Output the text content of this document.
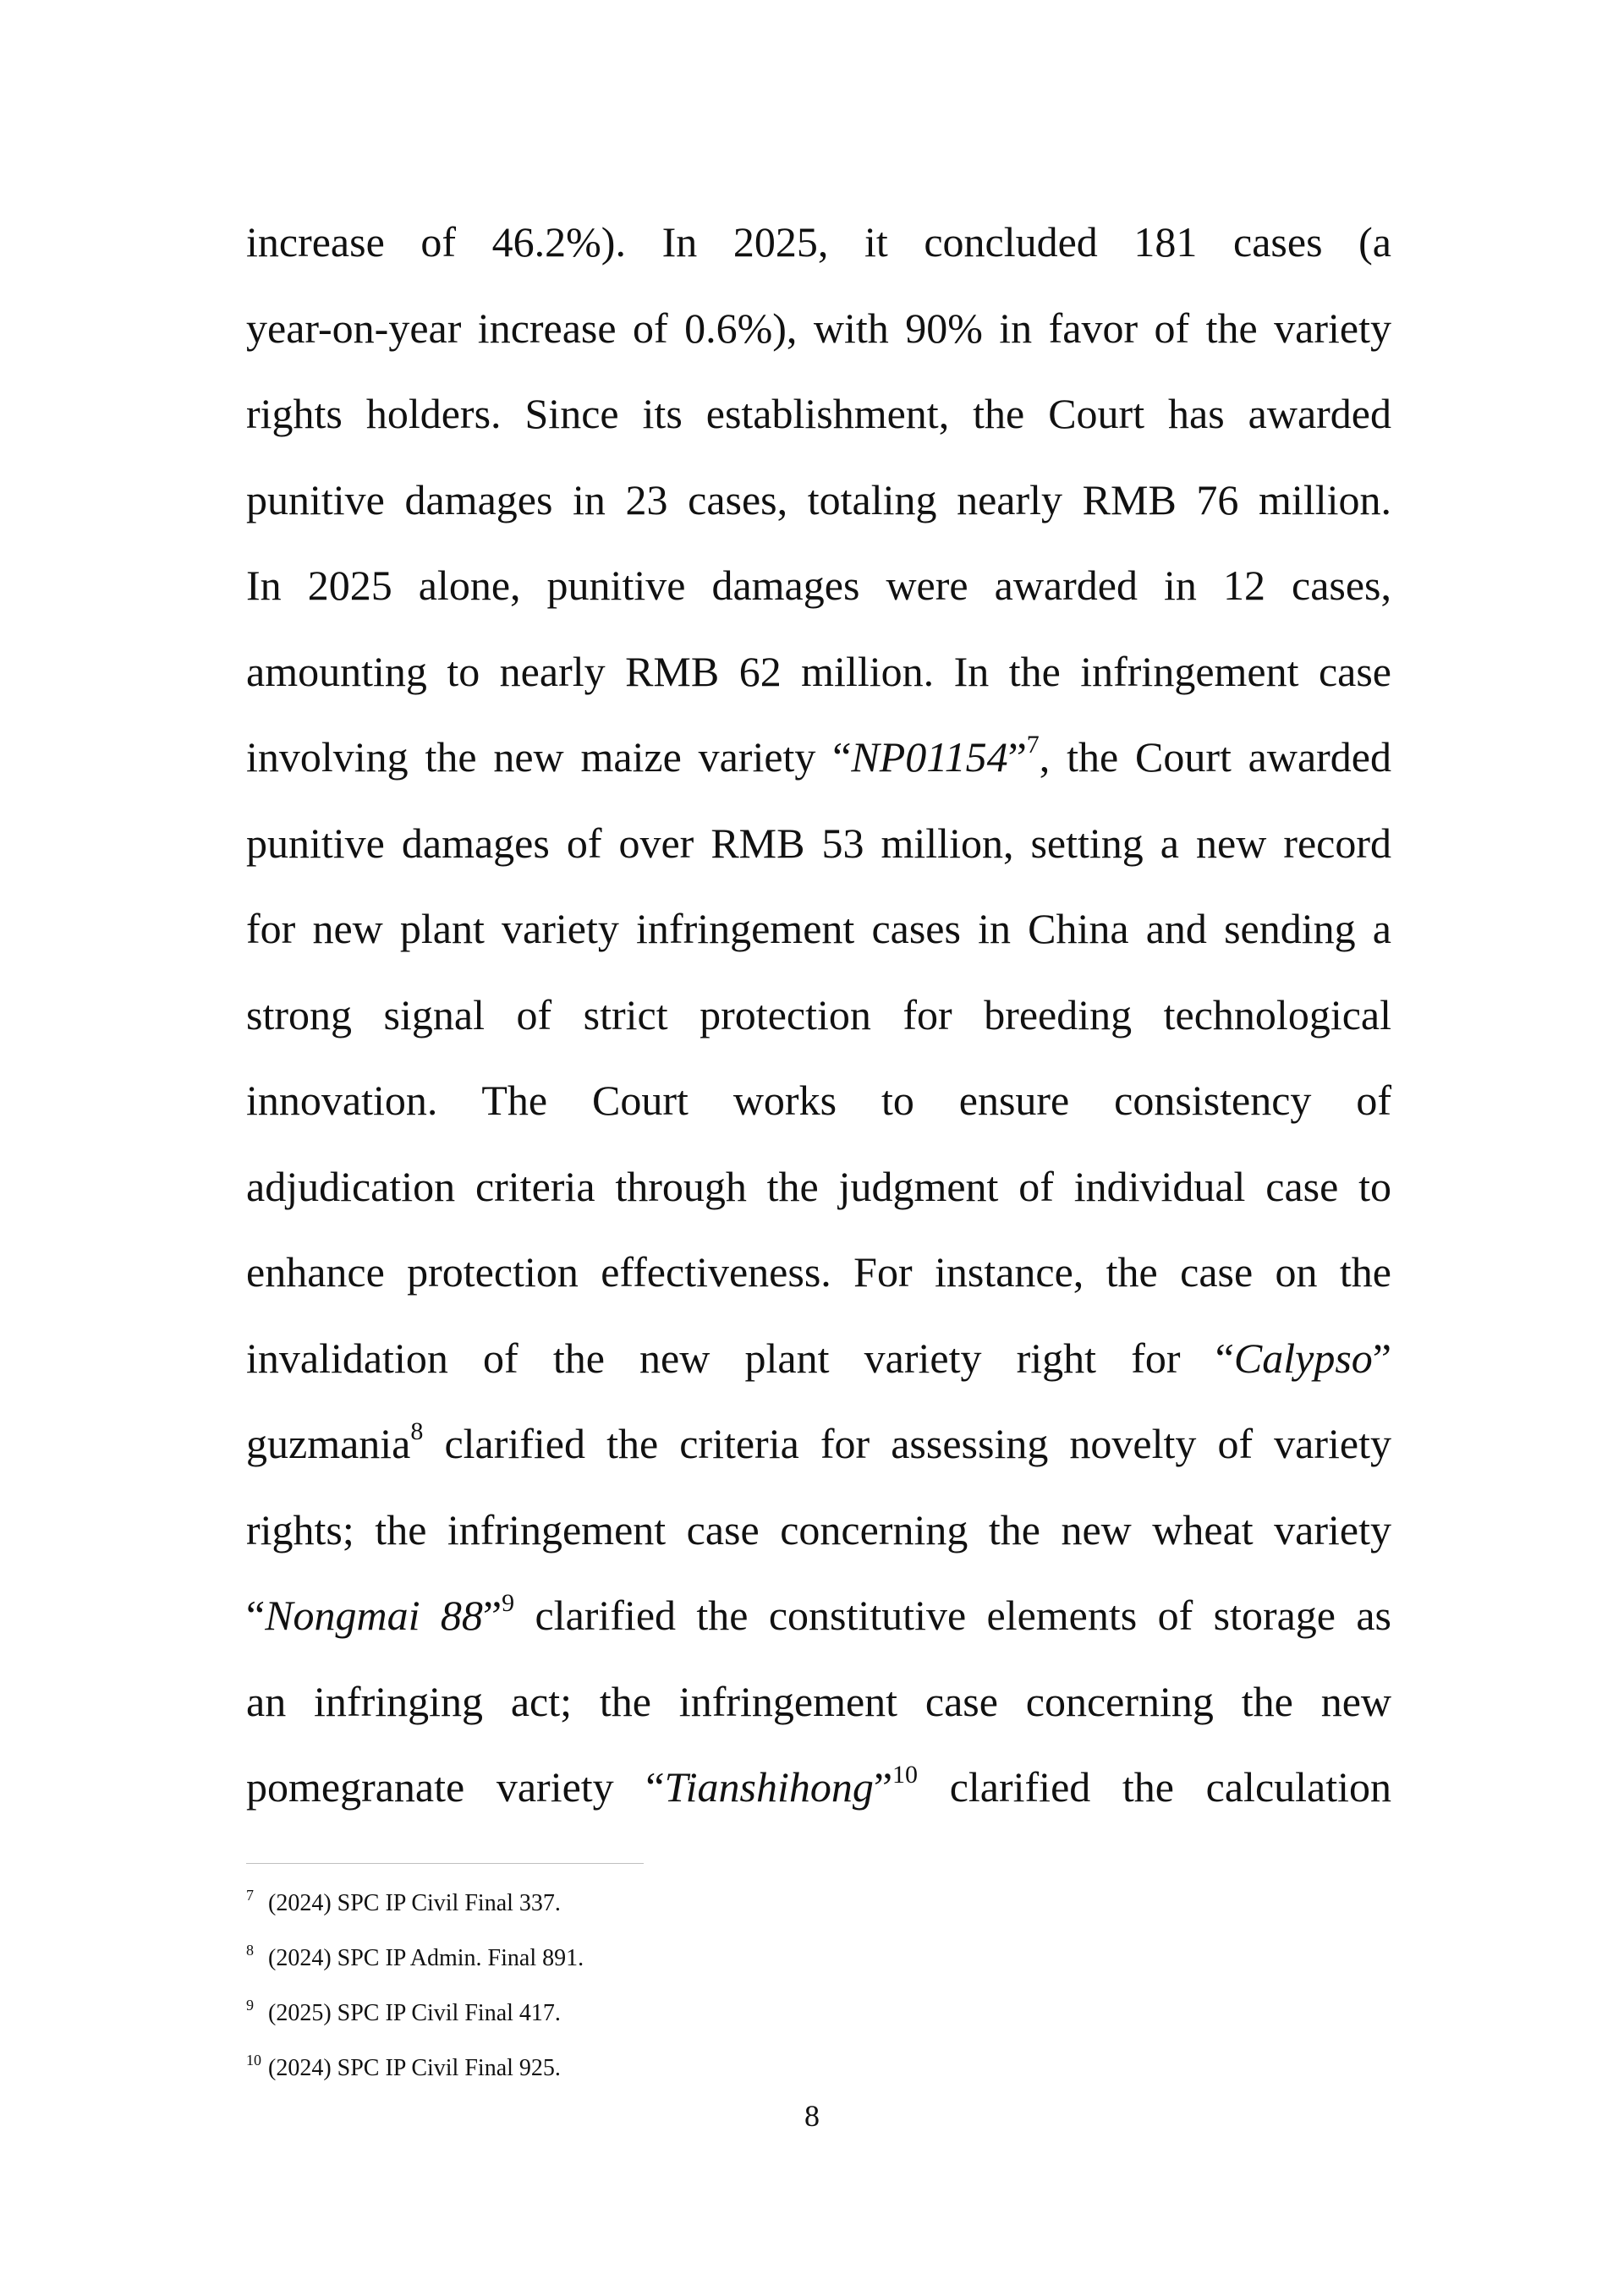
increase of 46.2%). In 2025, it concluded 181 cases (a
year-on-year increase of 0.6%), with 90% in favor of the variety
rights holders. Since its establishment, the Court has awarded
punitive damages in 23 cases, totaling nearly RMB 76 million.
In 2025 alone, punitive damages were awarded in 12 cases,
amounting to nearly RMB 62 million. In the infringement case
involving the new maize variety “NP01154”$^7$, the Court awarded
punitive damages of over RMB 53 million, setting a new record
for new plant variety infringement cases in China and sending a
strong signal of strict protection for breeding technological
innovation. The Court works to ensure consistency of
adjudication criteria through the judgment of individual case to
enhance protection effectiveness. For instance, the case on the
invalidation of the new plant variety right for “Calypso”
guzmania$^8$ clarified the criteria for assessing novelty of variety
rights; the infringement case concerning the new wheat variety
“Nongmai 88”$^9$ clarified the constitutive elements of storage as
an infringing act; the infringement case concerning the new
pomegranate variety “Tianshihong”$^{10}$ clarified the calculation
7 (2024) SPC IP Civil Final 337.
8 (2024) SPC IP Admin. Final 891.
9 (2025) SPC IP Civil Final 417.
10 (2024) SPC IP Civil Final 925.
8
